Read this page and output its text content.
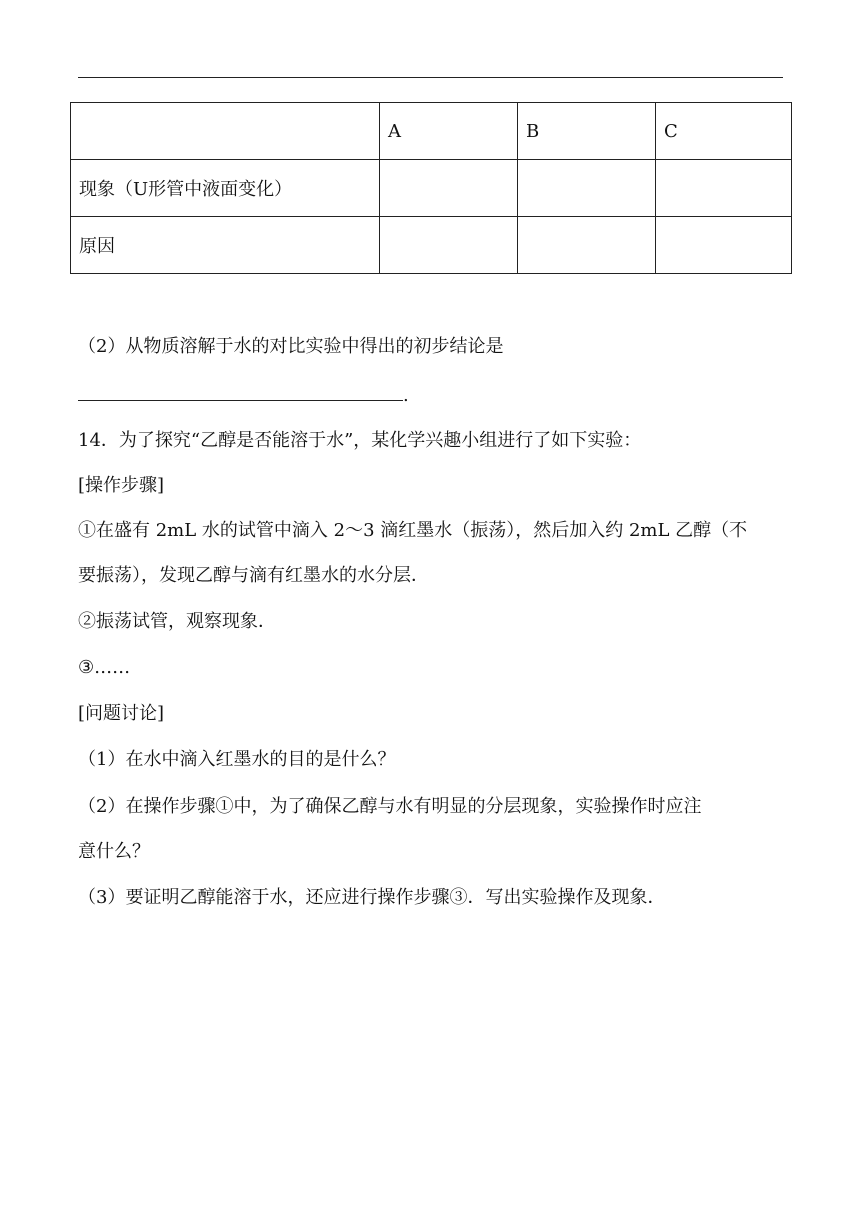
	A	B	C
现象（U形管中液面变化）			
原因			
（2）从物质溶解于水的对比实验中得出的初步结论是
.
14．为了探究“乙醇是否能溶于水”，某化学兴趣小组进行了如下实验：
[操作步骤]
①在盛有 2mL 水的试管中滴入 2～3 滴红墨水（振荡），然后加入约 2mL 乙醇（不
要振荡），发现乙醇与滴有红墨水的水分层．
②振荡试管，观察现象．
③……
[问题讨论]
（1）在水中滴入红墨水的目的是什么？
（2）在操作步骤①中，为了确保乙醇与水有明显的分层现象，实验操作时应注
意什么？
（3）要证明乙醇能溶于水，还应进行操作步骤③．写出实验操作及现象．
